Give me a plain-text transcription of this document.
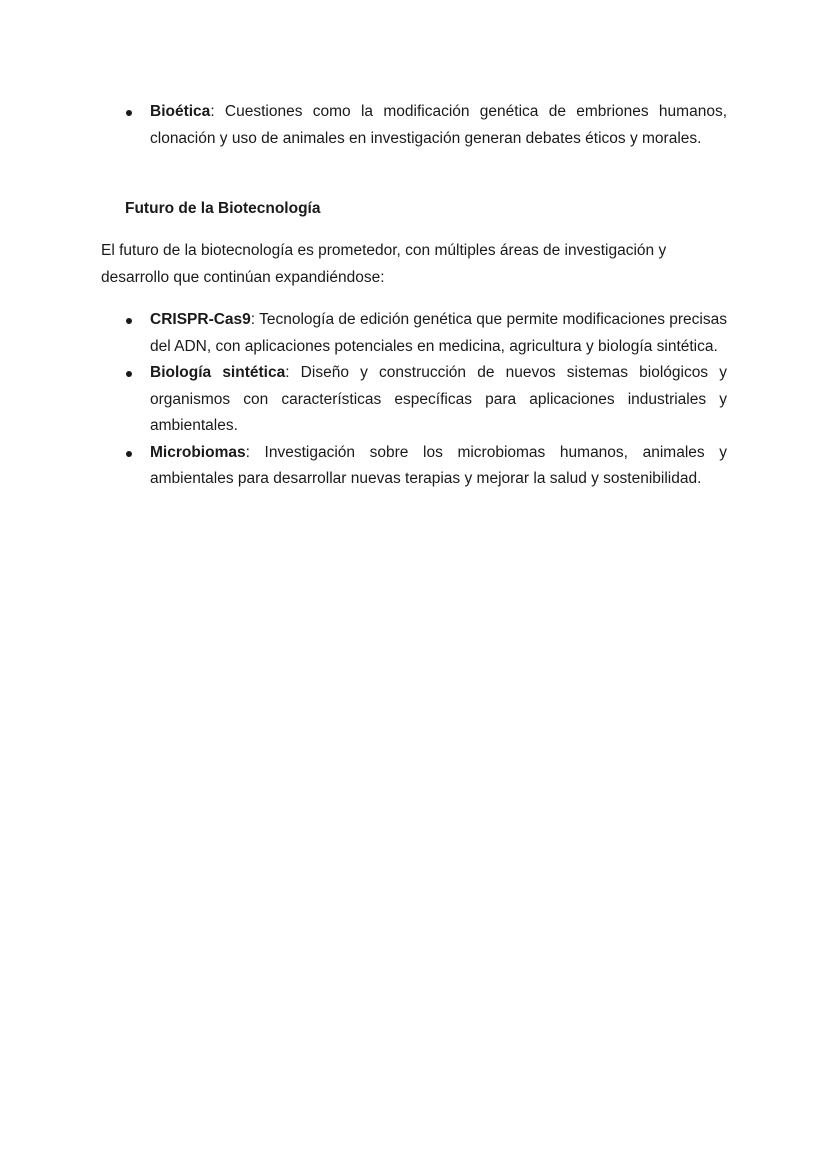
Bioética: Cuestiones como la modificación genética de embriones humanos, clonación y uso de animales en investigación generan debates éticos y morales.
Futuro de la Biotecnología

El futuro de la biotecnología es prometedor, con múltiples áreas de investigación y desarrollo que continúan expandiéndose:

CRISPR-Cas9: Tecnología de edición genética que permite modificaciones precisas del ADN, con aplicaciones potenciales en medicina, agricultura y biología sintética.
Biología sintética: Diseño y construcción de nuevos sistemas biológicos y organismos con características específicas para aplicaciones industriales y ambientales.
Microbiomas: Investigación sobre los microbiomas humanos, animales y ambientales para desarrollar nuevas terapias y mejorar la salud y sostenibilidad.
